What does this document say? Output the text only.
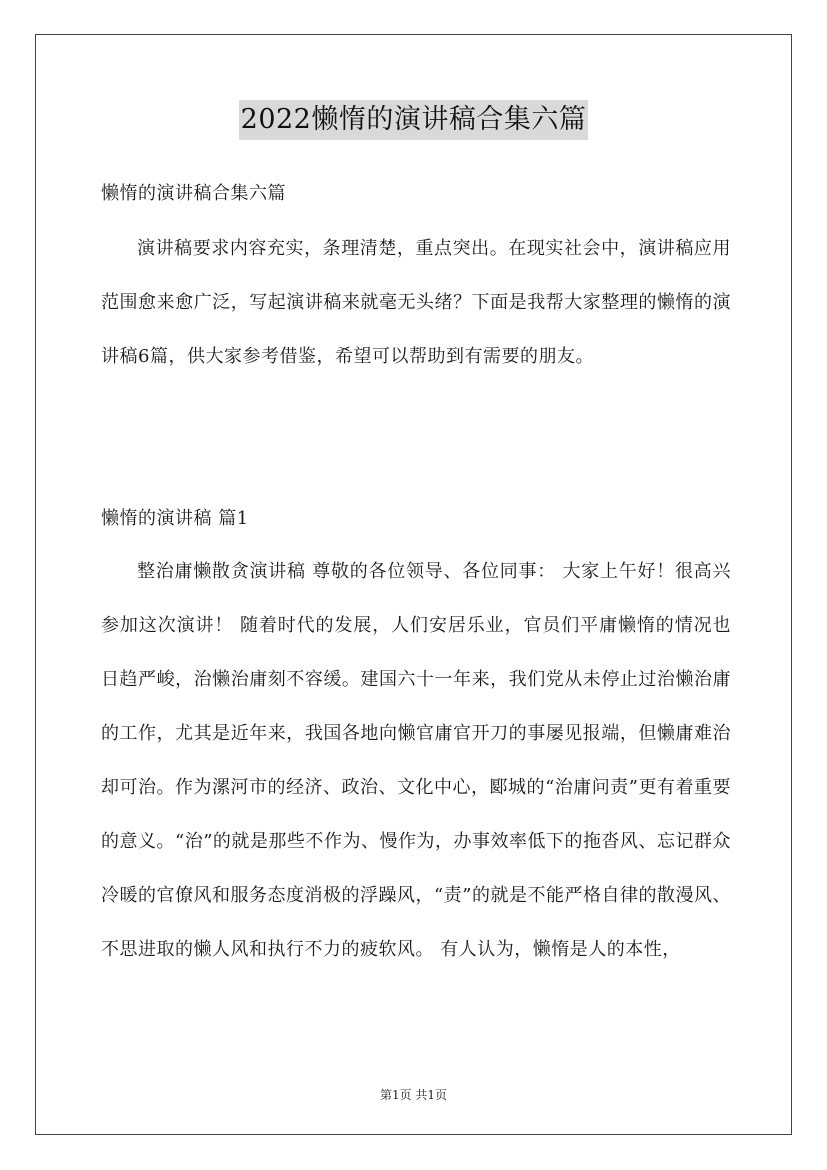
2022懒惰的演讲稿合集六篇
懒惰的演讲稿合集六篇

演讲稿要求内容充实，条理清楚，重点突出。在现实社会中，演讲稿应用范围愈来愈广泛，写起演讲稿来就毫无头绪？下面是我帮大家整理的懒惰的演讲稿6篇，供大家参考借鉴，希望可以帮助到有需要的朋友。

懒惰的演讲稿 篇1

整治庸懒散贪演讲稿 尊敬的各位领导、各位同事： 大家上午好！很高兴参加这次演讲！ 随着时代的发展，人们安居乐业，官员们平庸懒惰的情况也日趋严峻，治懒治庸刻不容缓。建国六十一年来，我们党从未停止过治懒治庸的工作，尤其是近年来，我国各地向懒官庸官开刀的事屡见报端，但懒庸难治却可治。作为漯河市的经济、政治、文化中心，郾城的“治庸问责”更有着重要的意义。“治”的就是那些不作为、慢作为，办事效率低下的拖沓风、忘记群众冷暖的官僚风和服务态度消极的浮躁风，“责”的就是不能严格自律的散漫风、不思进取的懒人风和执行不力的疲软风。 有人认为，懒惰是人的本性，

第1页 共1页
